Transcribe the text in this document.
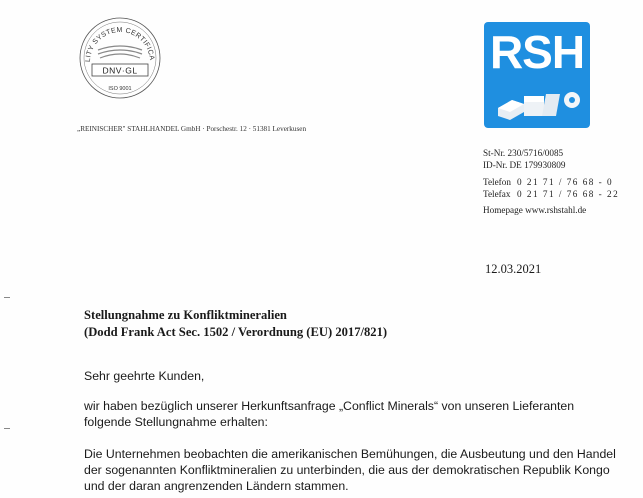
LITY SYSTEM CERTIFICA
DNV·GL
ISO 9001
RSH
„REINISCHER" STAHLHANDEL GmbH · Porschestr. 12 · 51381 Leverkusen
St-Nr. 230/5716/0085
ID-Nr. DE 179930809
Telefon 0 21 71 / 76 68 - 0
Telefax 0 21 71 / 76 68 - 22
Homepage www.rshstahl.de
12.03.2021
Stellungnahme zu Konfliktmineralien
(Dodd Frank Act Sec. 1502 / Verordnung (EU) 2017/821)
Sehr geehrte Kunden,
wir haben bezüglich unserer Herkunftsanfrage „Conflict Minerals“ von unseren Lieferanten
folgende Stellungnahme erhalten:
Die Unternehmen beobachten die amerikanischen Bemühungen, die Ausbeutung und den Handel
der sogenannten Konfliktmineralien zu unterbinden, die aus der demokratischen Republik Kongo
und der daran angrenzenden Ländern stammen.
